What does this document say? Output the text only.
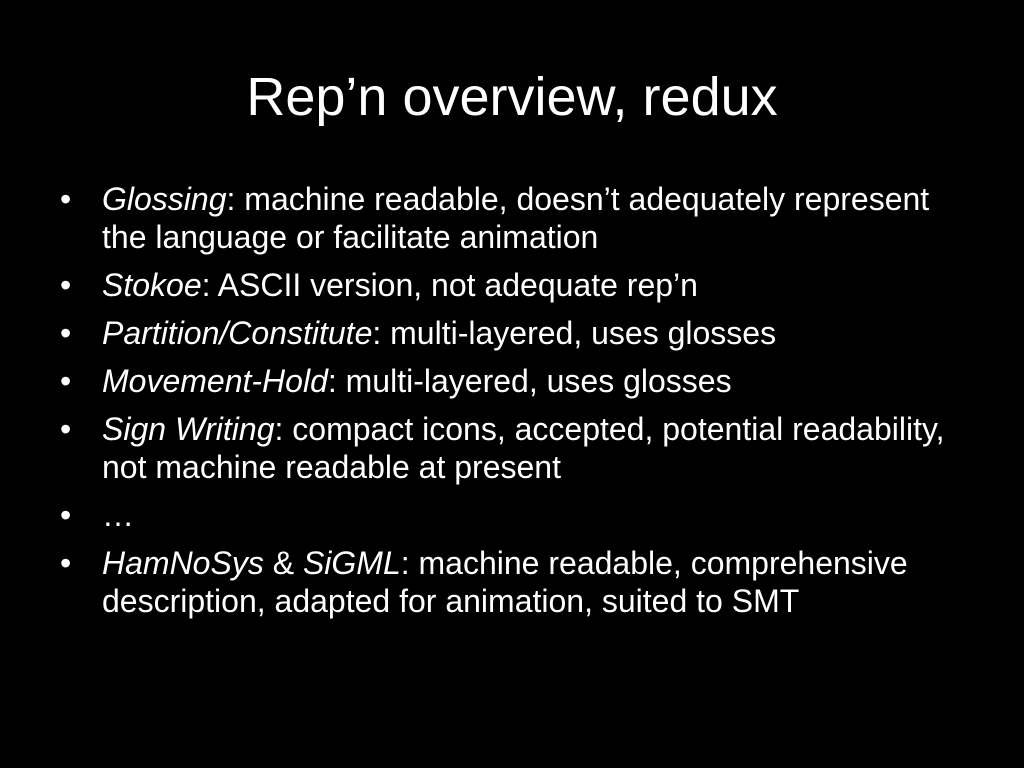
Rep’n overview, redux
• Glossing: machine readable, doesn’t adequately represent the language or facilitate animation
• Stokoe: ASCII version, not adequate rep’n
• Partition/Constitute: multi-layered, uses glosses
• Movement-Hold: multi-layered, uses glosses
• Sign Writing: compact icons, accepted, potential readability, not machine readable at present
• …
• HamNoSys & SiGML: machine readable, comprehensive description, adapted for animation, suited to SMT
